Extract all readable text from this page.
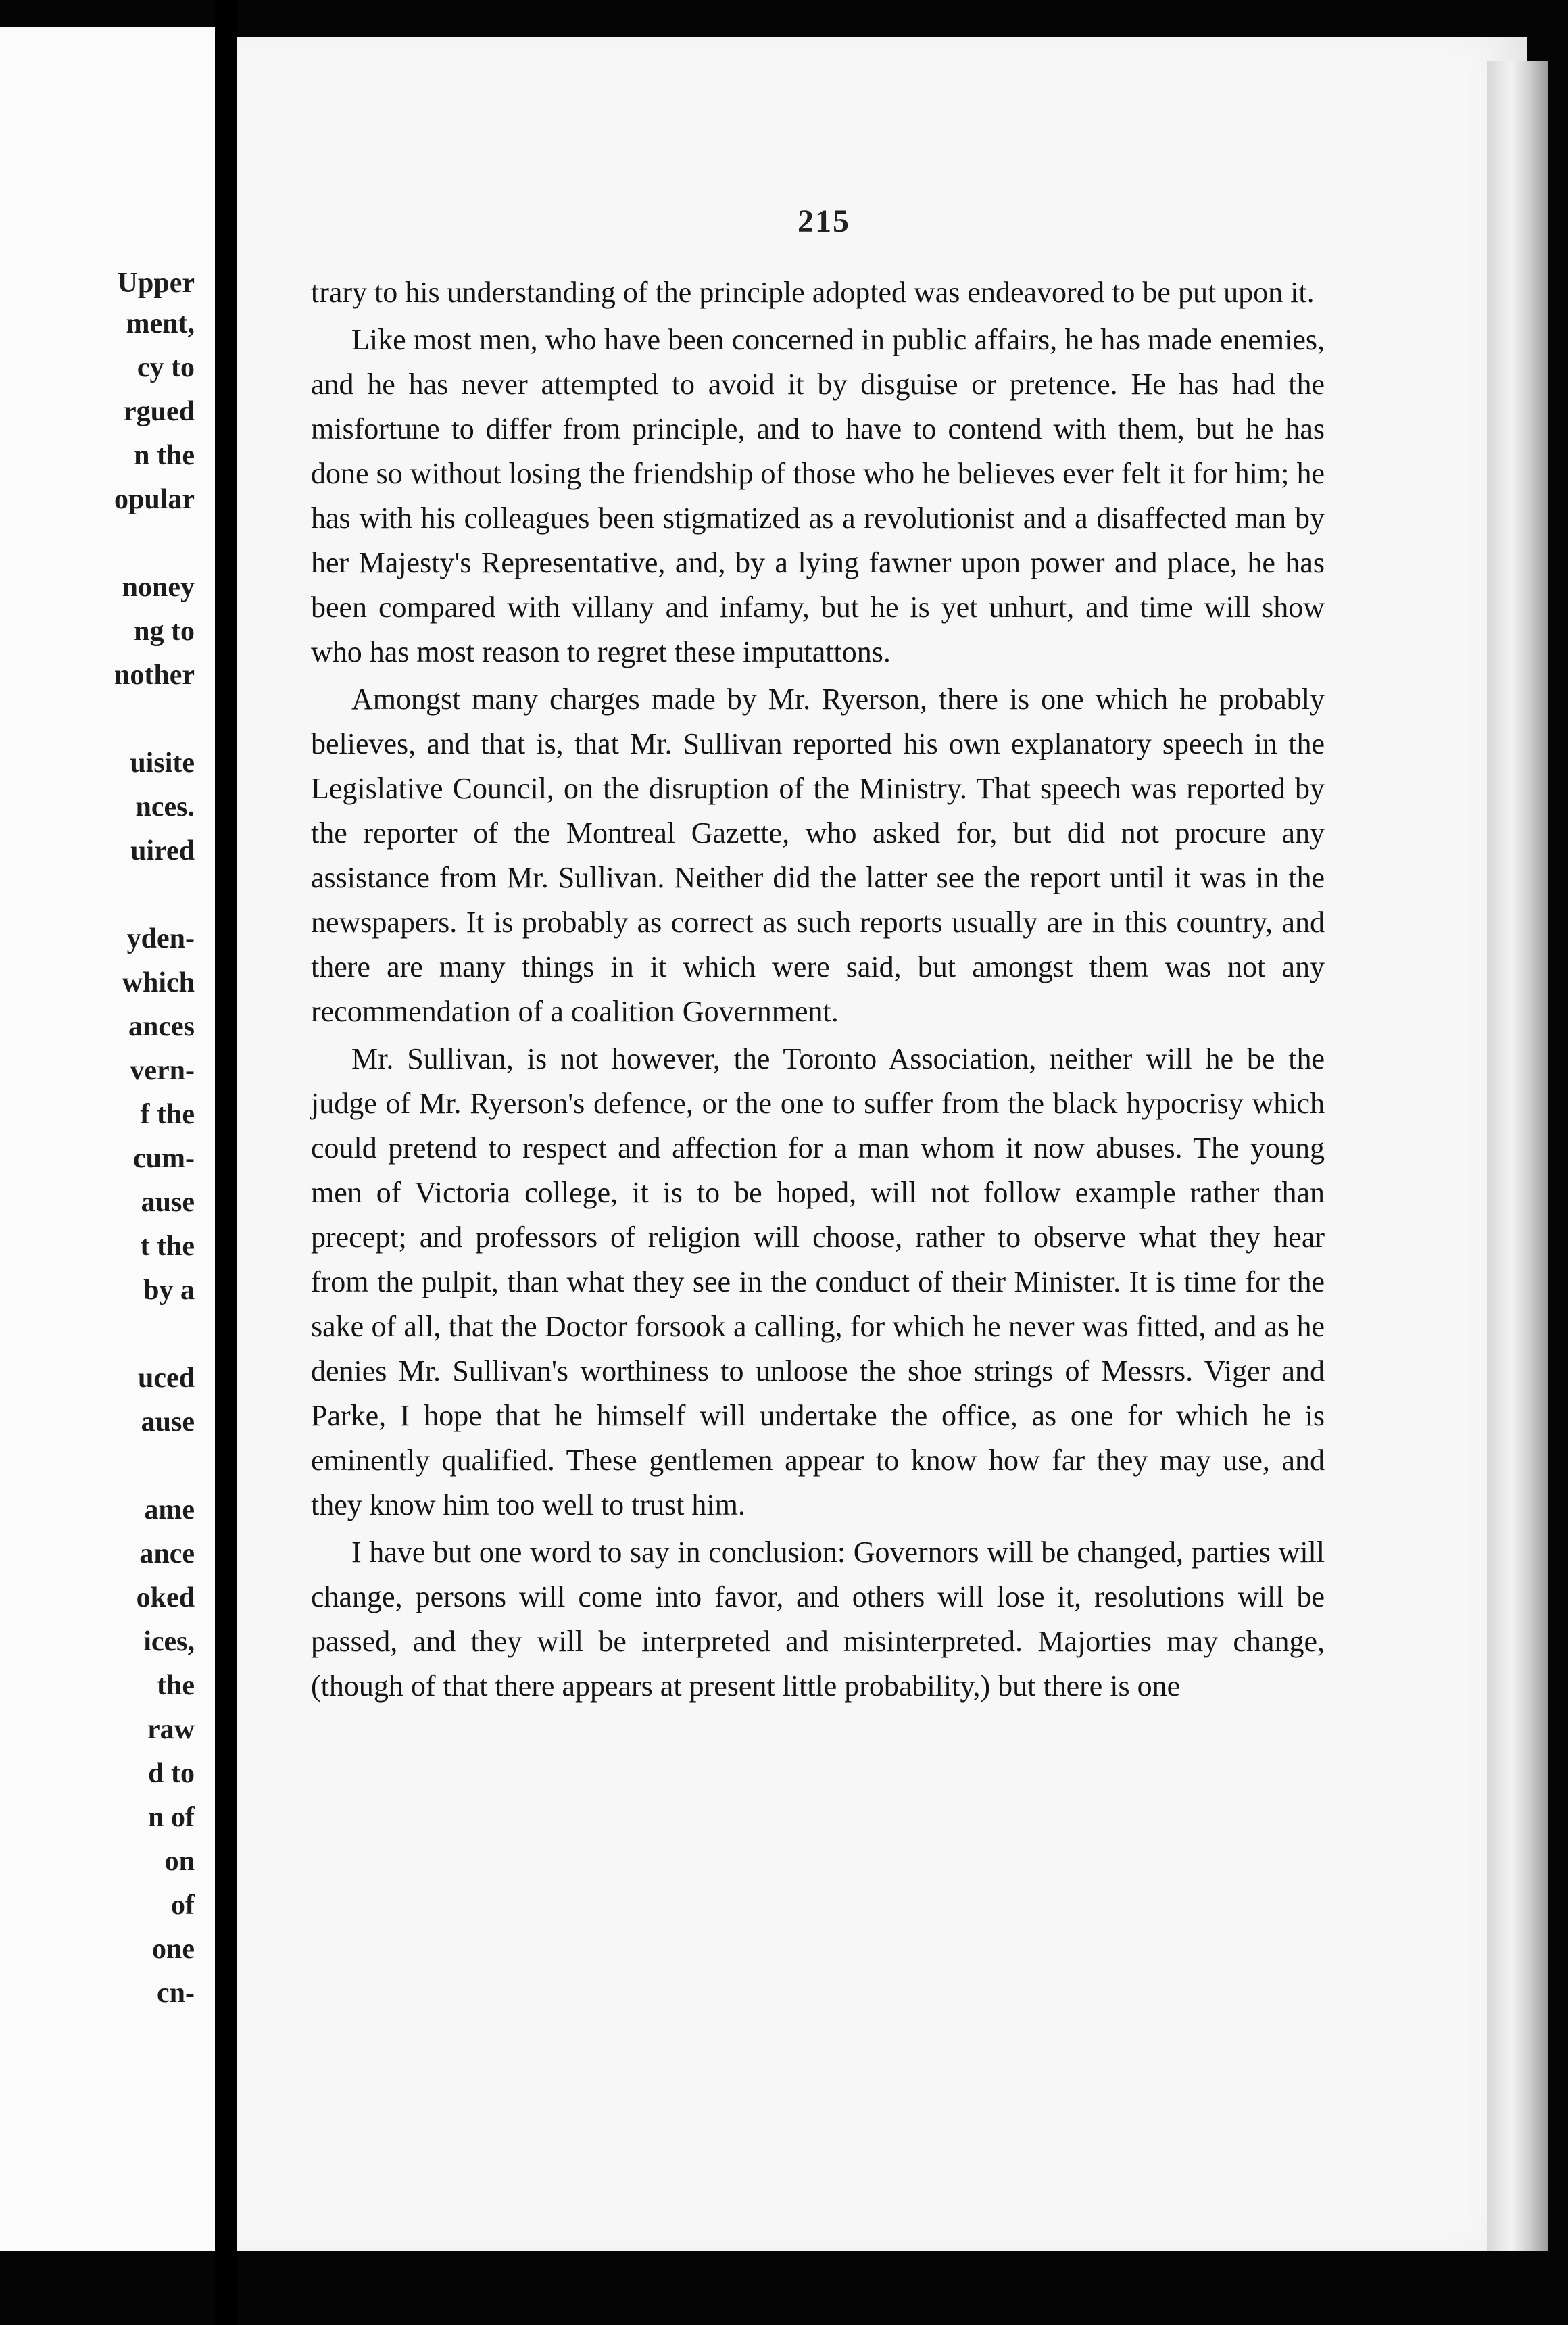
Upper
ment,
cy to
rgued
n the
opular
noney
ng to
nother
uisite
nces.
uired
yden-
which
ances
vern-
f the
cum-
ause
t the
by a
uced
ause
ame
ance
oked
ices,
the
raw
d to
n of
on
of
one
cn-
215

trary to his understanding of the principle adopted was endeavored to be put upon it.

Like most men, who have been concerned in public affairs, he has made enemies, and he has never attempted to avoid it by disguise or pretence. He has had the misfortune to differ from principle, and to have to contend with them, but he has done so without losing the friendship of those who he believes ever felt it for him; he has with his colleagues been stigmatized as a revolutionist and a disaffected man by her Majesty's Representative, and, by a lying fawner upon power and place, he has been compared with villany and infamy, but he is yet unhurt, and time will show who has most reason to regret these imputattons.

Amongst many charges made by Mr. Ryerson, there is one which he probably believes, and that is, that Mr. Sullivan reported his own explanatory speech in the Legislative Council, on the disruption of the Ministry. That speech was reported by the reporter of the Montreal Gazette, who asked for, but did not procure any assistance from Mr. Sullivan. Neither did the latter see the report until it was in the newspapers. It is probably as correct as such reports usually are in this country, and there are many things in it which were said, but amongst them was not any recommendation of a coalition Government.

Mr. Sullivan, is not however, the Toronto Association, neither will he be the judge of Mr. Ryerson's defence, or the one to suffer from the black hypocrisy which could pretend to respect and affection for a man whom it now abuses. The young men of Victoria college, it is to be hoped, will not follow example rather than precept; and professors of religion will choose, rather to observe what they hear from the pulpit, than what they see in the conduct of their Minister. It is time for the sake of all, that the Doctor forsook a calling, for which he never was fitted, and as he denies Mr. Sullivan's worthiness to unloose the shoe strings of Messrs. Viger and Parke, I hope that he himself will undertake the office, as one for which he is eminently qualified. These gentlemen appear to know how far they may use, and they know him too well to trust him.

I have but one word to say in conclusion: Governors will be changed, parties will change, persons will come into favor, and others will lose it, resolutions will be passed, and they will be interpreted and misinterpreted. Majorties may change, (though of that there appears at present little probability,) but there is one
